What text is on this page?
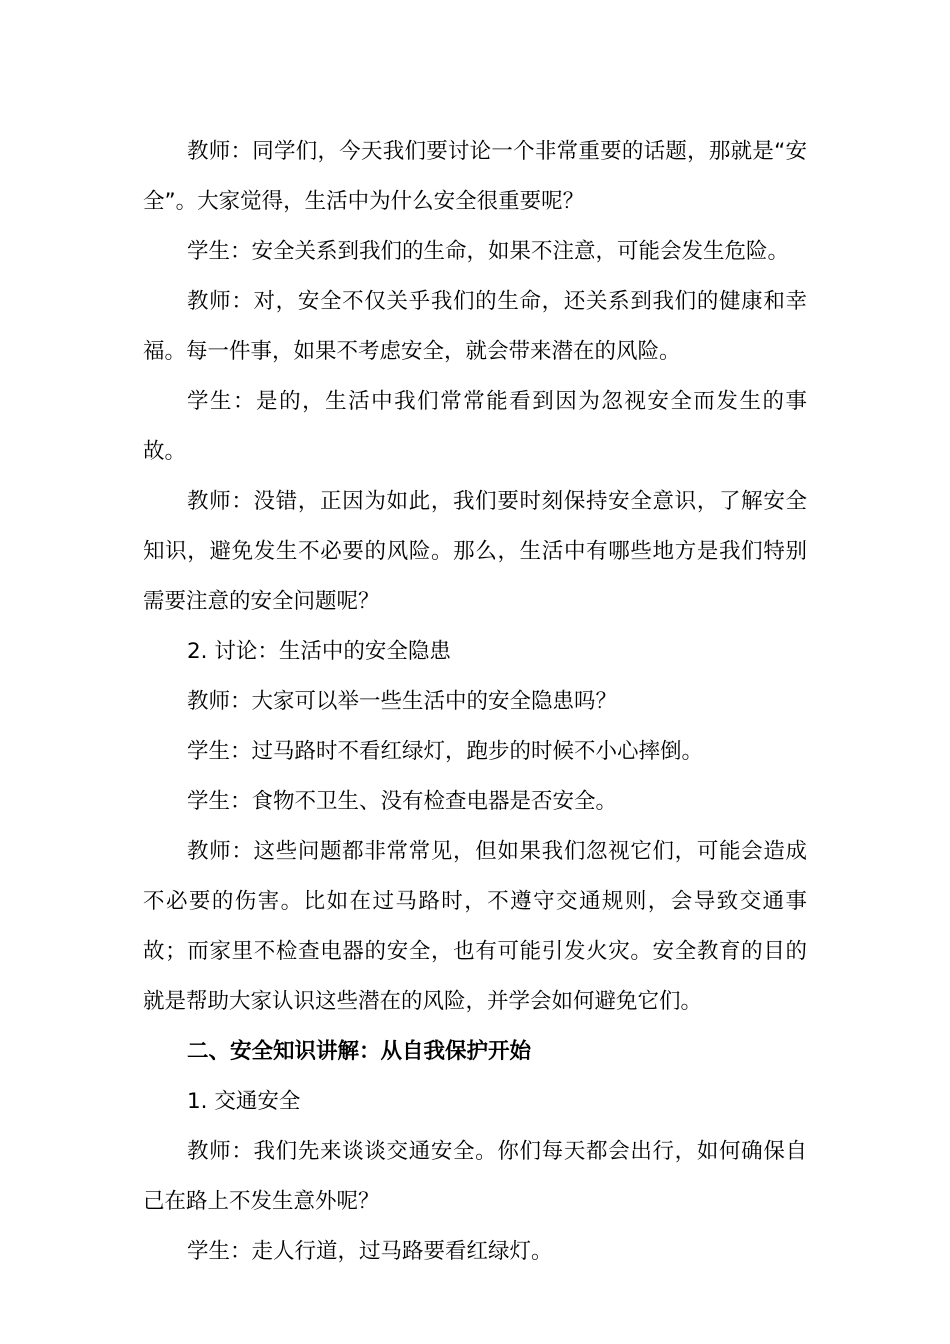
教师：同学们，今天我们要讨论一个非常重要的话题，那就是“安全”。大家觉得，生活中为什么安全很重要呢？

学生：安全关系到我们的生命，如果不注意，可能会发生危险。

教师：对，安全不仅关乎我们的生命，还关系到我们的健康和幸福。每一件事，如果不考虑安全，就会带来潜在的风险。

学生：是的，生活中我们常常能看到因为忽视安全而发生的事故。

教师：没错，正因为如此，我们要时刻保持安全意识，了解安全知识，避免发生不必要的风险。那么，生活中有哪些地方是我们特别需要注意的安全问题呢？

2. 讨论：生活中的安全隐患

教师：大家可以举一些生活中的安全隐患吗？

学生：过马路时不看红绿灯，跑步的时候不小心摔倒。

学生：食物不卫生、没有检查电器是否安全。

教师：这些问题都非常常见，但如果我们忽视它们，可能会造成不必要的伤害。比如在过马路时，不遵守交通规则，会导致交通事故；而家里不检查电器的安全，也有可能引发火灾。安全教育的目的就是帮助大家认识这些潜在的风险，并学会如何避免它们。

二、安全知识讲解：从自我保护开始

1. 交通安全

教师：我们先来谈谈交通安全。你们每天都会出行，如何确保自己在路上不发生意外呢？

学生：走人行道，过马路要看红绿灯。
